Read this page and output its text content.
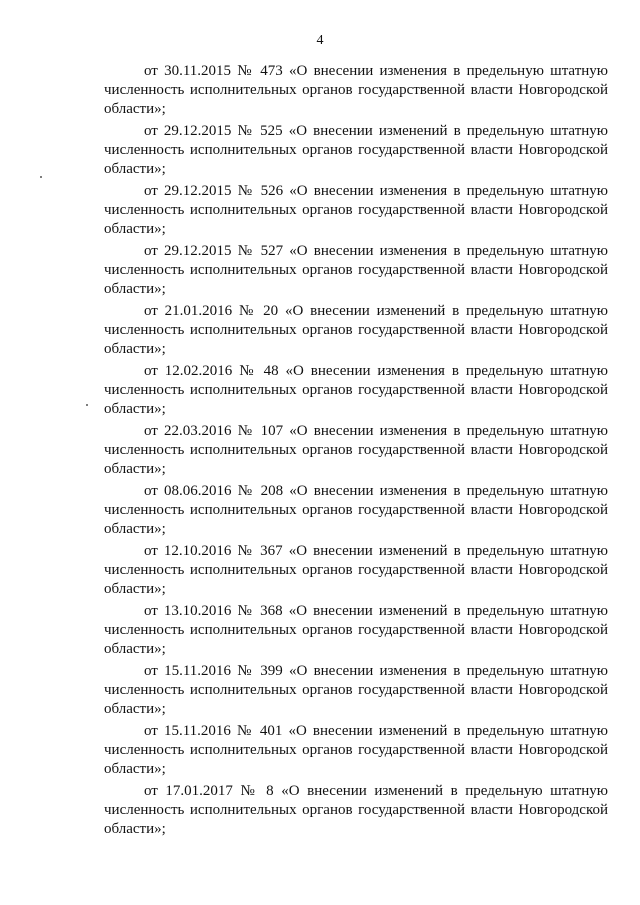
4
от 30.11.2015 № 473 «О внесении изменения в предельную штатную
численность исполнительных органов государственной власти Новгородской
области»;
от 29.12.2015 № 525 «О внесении изменений в предельную штатную
численность исполнительных органов государственной власти Новгородской
области»;
от 29.12.2015 № 526 «О внесении изменения в предельную штатную
численность исполнительных органов государственной власти Новгородской
области»;
от 29.12.2015 № 527 «О внесении изменения в предельную штатную
численность исполнительных органов государственной власти Новгородской
области»;
от 21.01.2016 № 20 «О внесении изменений в предельную штатную
численность исполнительных органов государственной власти Новгородской
области»;
от 12.02.2016 № 48 «О внесении изменения в предельную штатную
численность исполнительных органов государственной власти Новгородской
области»;
от 22.03.2016 № 107 «О внесении изменения в предельную штатную
численность исполнительных органов государственной власти Новгородской
области»;
от 08.06.2016 № 208 «О внесении изменения в предельную штатную
численность исполнительных органов государственной власти Новгородской
области»;
от 12.10.2016 № 367 «О внесении изменений в предельную штатную
численность исполнительных органов государственной власти Новгородской
области»;
от 13.10.2016 № 368 «О внесении изменений в предельную штатную
численность исполнительных органов государственной власти Новгородской
области»;
от 15.11.2016 № 399 «О внесении изменения в предельную штатную
численность исполнительных органов государственной власти Новгородской
области»;
от 15.11.2016 № 401 «О внесении изменений в предельную штатную
численность исполнительных органов государственной власти Новгородской
области»;
от 17.01.2017 № 8 «О внесении изменений в предельную штатную
численность исполнительных органов государственной власти Новгородской
области»;
